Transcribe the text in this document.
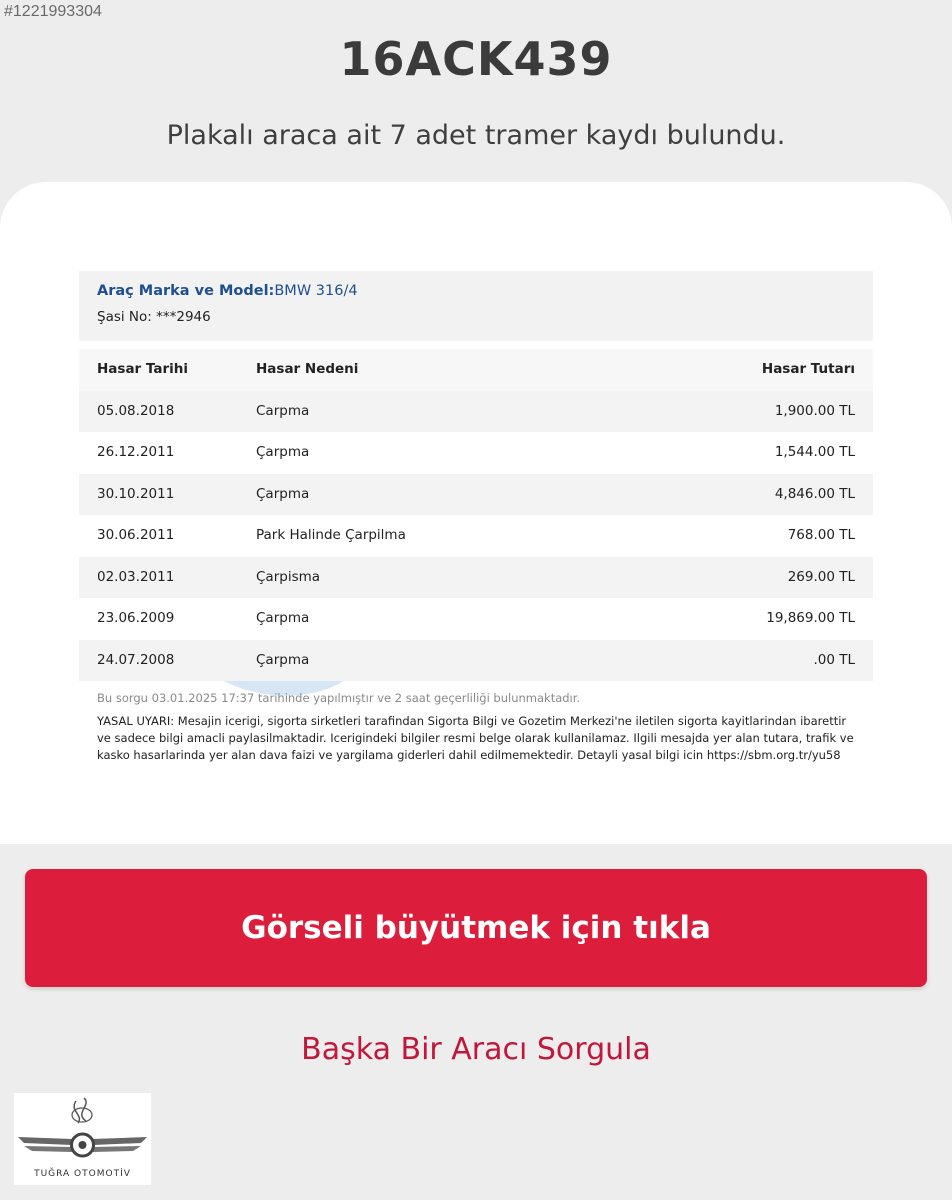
#1221993304
16ACK439
Plakalı araca ait 7 adet tramer kaydı bulundu.
Araç Marka ve Model:BMW 316/4
Şasi No: ***2946
Hasar Tarihi	Hasar Nedeni	Hasar Tutarı
05.08.2018	Carpma	1,900.00 TL
26.12.2011	Çarpma	1,544.00 TL
30.10.2011	Çarpma	4,846.00 TL
30.06.2011	Park Halinde Çarpilma	768.00 TL
02.03.2011	Çarpisma	269.00 TL
23.06.2009	Çarpma	19,869.00 TL
24.07.2008	Çarpma	.00 TL
Bu sorgu 03.01.2025 17:37 tarihinde yapılmıştır ve 2 saat geçerliliği bulunmaktadır.
YASAL UYARI: Mesajin icerigi, sigorta sirketleri tarafindan Sigorta Bilgi ve Gozetim Merkezi'ne iletilen sigorta kayitlarindan ibarettir ve sadece bilgi amacli paylasilmaktadir. Icerigindeki bilgiler resmi belge olarak kullanilamaz. Ilgili mesajda yer alan tutara, trafik ve kasko hasarlarinda yer alan dava faizi ve yargilama giderleri dahil edilmemektedir. Detayli yasal bilgi icin https://sbm.org.tr/yu58
Görseli büyütmek için tıkla
Başka Bir Aracı Sorgula
TUĞRA OTOMOTİV
